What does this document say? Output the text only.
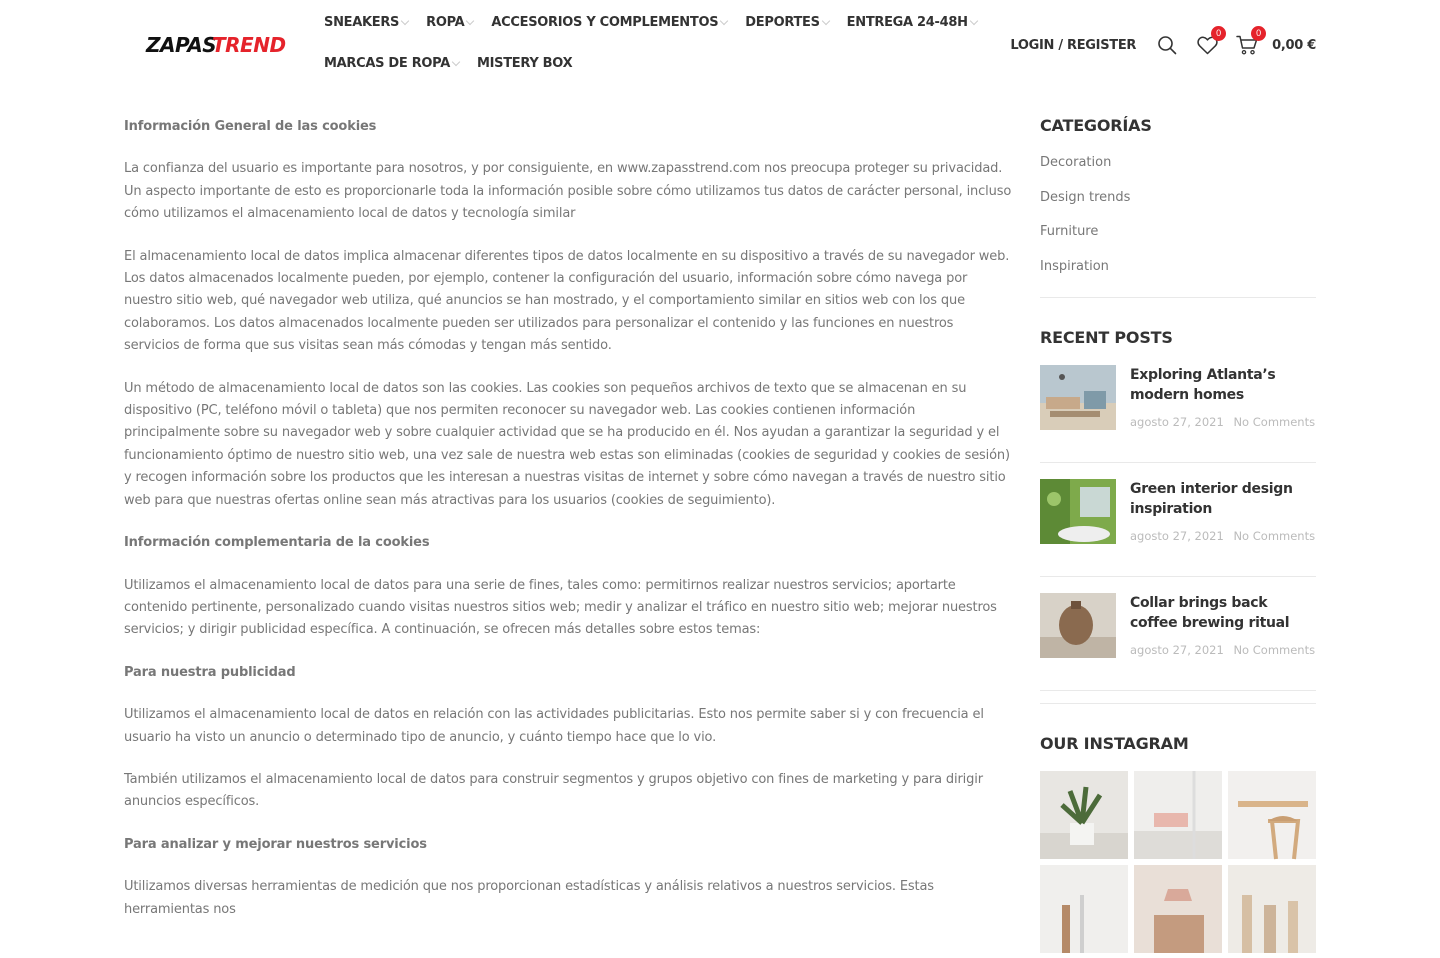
ZAPAS
TREND
SNEAKERS ROPA ACCESORIOS Y COMPLEMENTOS DEPORTES ENTREGA 24-48H
MARCAS DE ROPA MISTERY BOX
LOGIN / REGISTER
0	0
0,00 €

Información General de las cookies

La confianza del usuario es importante para nosotros, y por consiguiente, en www.zapasstrend.com nos preocupa proteger su privacidad. Un aspecto importante de esto es proporcionarle toda la información posible sobre cómo utilizamos tus datos de carácter personal, incluso cómo utilizamos el almacenamiento local de datos y tecnología similar

El almacenamiento local de datos implica almacenar diferentes tipos de datos localmente en su dispositivo a través de su navegador web. Los datos almacenados localmente pueden, por ejemplo, contener la configuración del usuario, información sobre cómo navega por nuestro sitio web, qué navegador web utiliza, qué anuncios se han mostrado, y el comportamiento similar en sitios web con los que colaboramos. Los datos almacenados localmente pueden ser utilizados para personalizar el contenido y las funciones en nuestros servicios de forma que sus visitas sean más cómodas y tengan más sentido.

Un método de almacenamiento local de datos son las cookies. Las cookies son pequeños archivos de texto que se almacenan en su dispositivo (PC, teléfono móvil o tableta) que nos permiten reconocer su navegador web. Las cookies contienen información principalmente sobre su navegador web y sobre cualquier actividad que se ha producido en él. Nos ayudan a garantizar la seguridad y el funcionamiento óptimo de nuestro sitio web, una vez sale de nuestra web estas son eliminadas (cookies de seguridad y cookies de sesión) y recogen información sobre los productos que les interesan a nuestras visitas de internet y sobre cómo navegan a través de nuestro sitio web para que nuestras ofertas online sean más atractivas para los usuarios (cookies de seguimiento).

Información complementaria de la cookies

Utilizamos el almacenamiento local de datos para una serie de fines, tales como: permitirnos realizar nuestros servicios; aportarte contenido pertinente, personalizado cuando visitas nuestros sitios web; medir y analizar el tráfico en nuestro sitio web; mejorar nuestros servicios; y dirigir publicidad específica. A continuación, se ofrecen más detalles sobre estos temas:

Para nuestra publicidad

Utilizamos el almacenamiento local de datos en relación con las actividades publicitarias. Esto nos permite saber si y con frecuencia el usuario ha visto un anuncio o determinado tipo de anuncio, y cuánto tiempo hace que lo vio.

También utilizamos el almacenamiento local de datos para construir segmentos y grupos objetivo con fines de marketing y para dirigir anuncios específicos.

Para analizar y mejorar nuestros servicios

Utilizamos diversas herramientas de medición que nos proporcionan estadísticas y análisis relativos a nuestros servicios. Estas herramientas nos

CATEGORÍAS
Decoration
Design trends
Furniture
Inspiration
RECENT POSTS
Exploring Atlanta’s modern homes
agosto 27, 2021 No Comments
Green interior design inspiration
agosto 27, 2021 No Comments
Collar brings back coffee brewing ritual
agosto 27, 2021 No Comments
OUR INSTAGRAM
